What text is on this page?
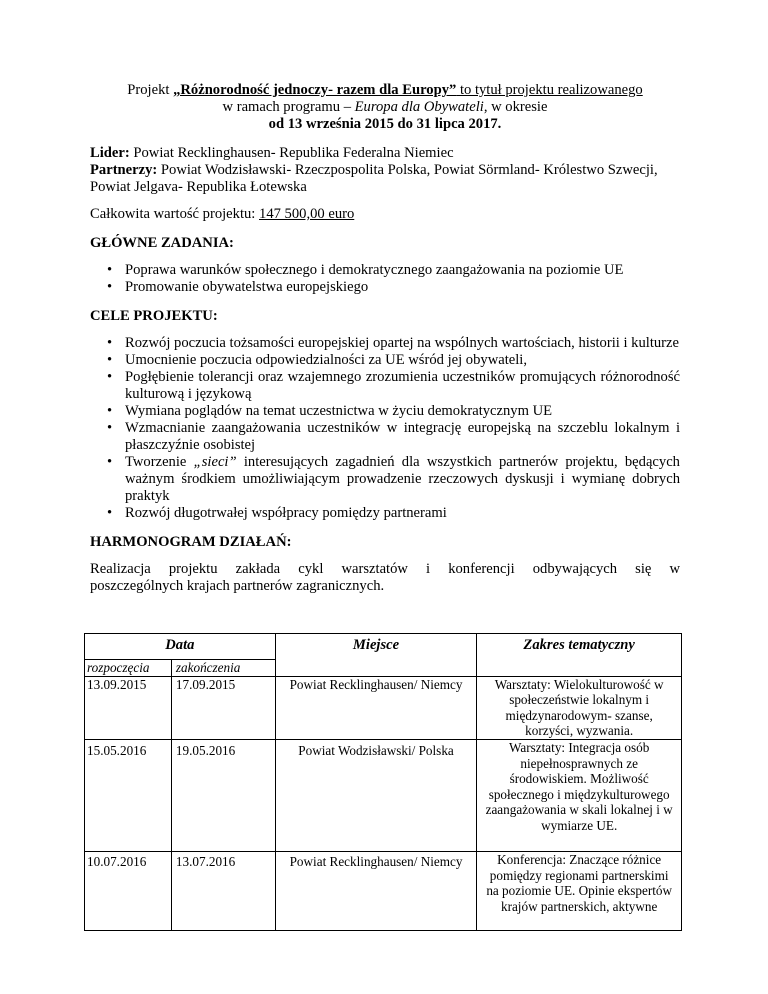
Projekt „Różnorodność jednoczy- razem dla Europy” to tytuł projektu realizowanego

w ramach programu – Europa dla Obywateli, w okresie

od 13 września 2015 do 31 lipca 2017.

Lider: Powiat Recklinghausen- Republika Federalna Niemiec

Partnerzy: Powiat Wodzisławski- Rzeczpospolita Polska, Powiat Sörmland- Królestwo Szwecji, Powiat Jelgava- Republika Łotewska

Całkowita wartość projektu: 147 500,00 euro

GŁÓWNE ZADANIA:

• Poprawa warunków społecznego i demokratycznego zaangażowania na poziomie UE
• Promowanie obywatelstwa europejskiego

CELE PROJEKTU:

• Rozwój poczucia tożsamości europejskiej opartej na wspólnych wartościach, historii i kulturze
• Umocnienie poczucia odpowiedzialności za UE wśród jej obywateli,
• Pogłębienie tolerancji oraz wzajemnego zrozumienia uczestników promujących różnorodność kulturową i językową
• Wymiana poglądów na temat uczestnictwa w życiu demokratycznym UE
• Wzmacnianie zaangażowania uczestników w integrację europejską na szczeblu lokalnym i płaszczyźnie osobistej
• Tworzenie „sieci” interesujących zagadnień dla wszystkich partnerów projektu, będących ważnym środkiem umożliwiającym prowadzenie rzeczowych dyskusji i wymianę dobrych praktyk
• Rozwój długotrwałej współpracy pomiędzy partnerami

HARMONOGRAM DZIAŁAŃ:

Realizacja projektu zakłada cykl warsztatów i konferencji odbywających się w

poszczególnych krajach partnerów zagranicznych.

Data		Miejsce	Zakres tematyczny
rozpoczęcia	zakończenia		
13.09.2015	17.09.2015	Powiat Recklinghausen/ Niemcy	Warsztaty: Wielokulturowość w społeczeństwie lokalnym i międzynarodowym- szanse, korzyści, wyzwania.
15.05.2016	19.05.2016	Powiat Wodzisławski/ Polska	Warsztaty: Integracja osób niepełnosprawnych ze środowiskiem. Możliwość społecznego i międzykulturowego zaangażowania w skali lokalnej i w wymiarze UE.
10.07.2016	13.07.2016	Powiat Recklinghausen/ Niemcy	Konferencja: Znaczące różnice pomiędzy regionami partnerskimi na poziomie UE. Opinie ekspertów krajów partnerskich, aktywne
